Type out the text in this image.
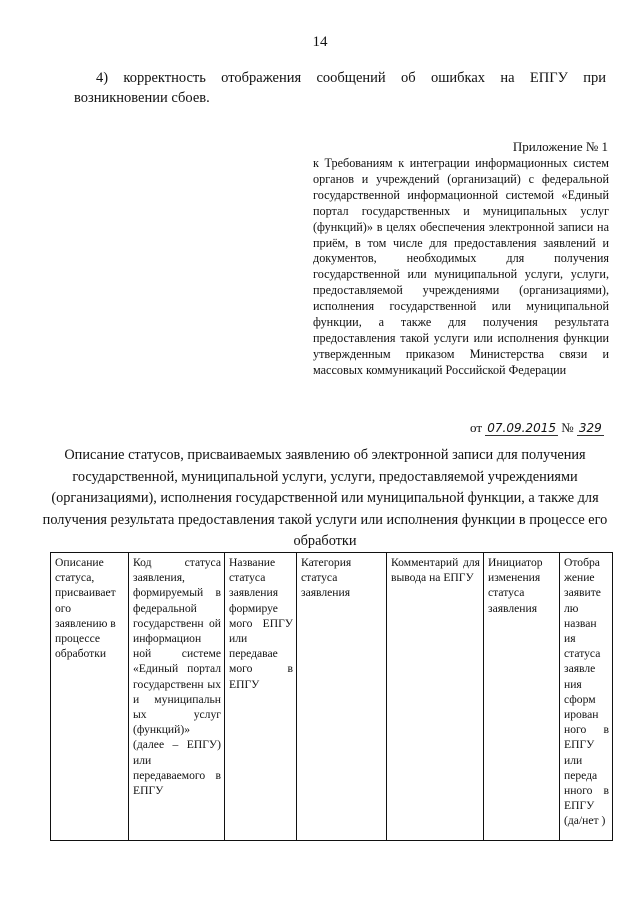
14
4) корректность отображения сообщений об ошибках на ЕПГУ при
возникновении сбоев.
Приложение № 1
к Требованиям к интеграции информационных систем органов и учреждений (организаций) с федеральной государственной информационной системой «Единый портал государственных и муниципальных услуг (функций)» в целях обеспечения электронной записи на приём, в том числе для предоставления заявлений и документов, необходимых для получения государственной или муниципальной услуги, услуги, предоставляемой учреждениями (организациями), исполнения государственной или муниципальной функции, а также для получения результата предоставления такой услуги или исполнения функции утвержденным приказом Министерства связи и массовых коммуникаций Российской Федерации
от 07.09.2015 № 329
Описание статусов, присваиваемых заявлению об электронной записи для получения государственной, муниципальной услуги, услуги, предоставляемой учреждениями (организациями), исполнения государственной или муниципальной функции, а также для получения результата предоставления такой услуги или исполнения функции в процессе его обработки
Описание
статуса,
присваивает
ого
заявлению в
процессе
обработки

Код статуса заявления, формируемый в федеральной государственн ой информацион ной системе «Единый портал государственн ых и муниципальн ых услуг (функций)» (далее – ЕПГУ) или передаваемого в ЕПГУ

Название статуса заявления формируе мого ЕПГУ или передавае мого в ЕПГУ

Категория
статуса
заявления

Комментарий для вывода на ЕПГУ

Инициатор
изменения
статуса
заявления

Отобра жение заявите лю назван ия статуса заявле ния сформ ирован ного в ЕПГУ или переда нного в ЕПГУ (да/нет )
